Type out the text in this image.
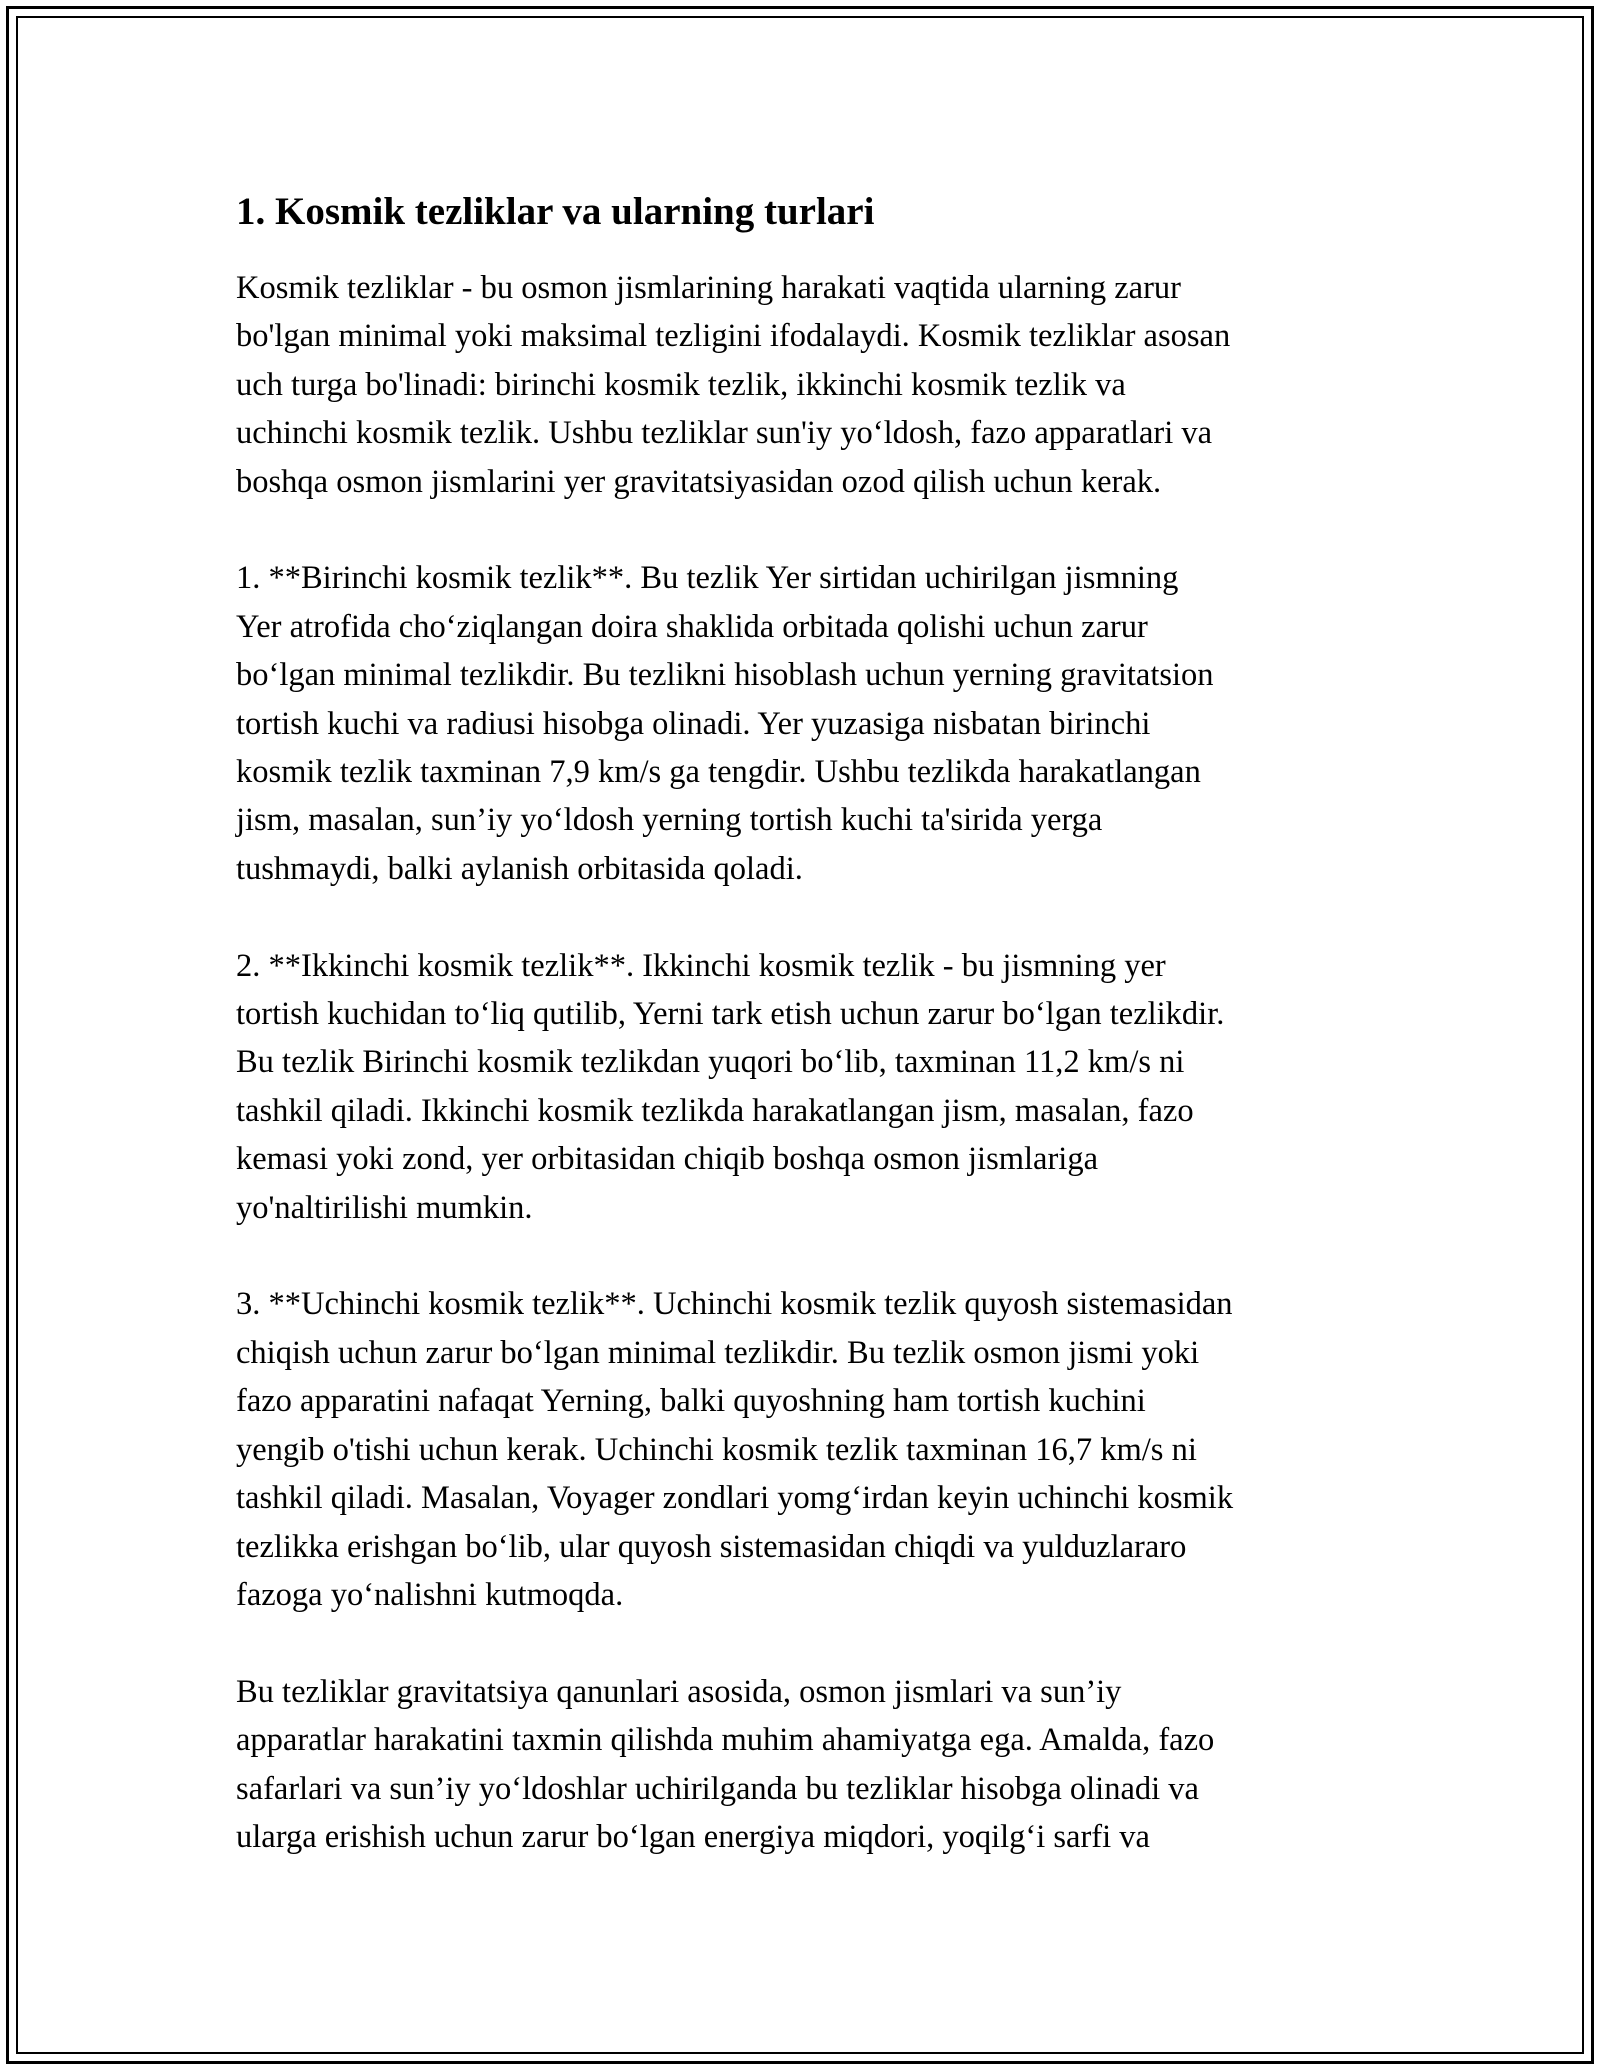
1. Kosmik tezliklar va ularning turlari

Kosmik tezliklar - bu osmon jismlarining harakati vaqtida ularning zarur
bo'lgan minimal yoki maksimal tezligini ifodalaydi. Kosmik tezliklar asosan
uch turga bo'linadi: birinchi kosmik tezlik, ikkinchi kosmik tezlik va
uchinchi kosmik tezlik. Ushbu tezliklar sun'iy yo‘ldosh, fazo apparatlari va
boshqa osmon jismlarini yer gravitatsiyasidan ozod qilish uchun kerak.

1. **Birinchi kosmik tezlik**. Bu tezlik Yer sirtidan uchirilgan jismning
Yer atrofida cho‘ziqlangan doira shaklida orbitada qolishi uchun zarur
bo‘lgan minimal tezlikdir. Bu tezlikni hisoblash uchun yerning gravitatsion
tortish kuchi va radiusi hisobga olinadi. Yer yuzasiga nisbatan birinchi
kosmik tezlik taxminan 7,9 km/s ga tengdir. Ushbu tezlikda harakatlangan
jism, masalan, sun’iy yo‘ldosh yerning tortish kuchi ta'sirida yerga
tushmaydi, balki aylanish orbitasida qoladi.

2. **Ikkinchi kosmik tezlik**. Ikkinchi kosmik tezlik - bu jismning yer
tortish kuchidan to‘liq qutilib, Yerni tark etish uchun zarur bo‘lgan tezlikdir.
Bu tezlik Birinchi kosmik tezlikdan yuqori bo‘lib, taxminan 11,2 km/s ni
tashkil qiladi. Ikkinchi kosmik tezlikda harakatlangan jism, masalan, fazo
kemasi yoki zond, yer orbitasidan chiqib boshqa osmon jismlariga
yo'naltirilishi mumkin.

3. **Uchinchi kosmik tezlik**. Uchinchi kosmik tezlik quyosh sistemasidan
chiqish uchun zarur bo‘lgan minimal tezlikdir. Bu tezlik osmon jismi yoki
fazo apparatini nafaqat Yerning, balki quyoshning ham tortish kuchini
yengib o'tishi uchun kerak. Uchinchi kosmik tezlik taxminan 16,7 km/s ni
tashkil qiladi. Masalan, Voyager zondlari yomg‘irdan keyin uchinchi kosmik
tezlikka erishgan bo‘lib, ular quyosh sistemasidan chiqdi va yulduzlararo
fazoga yo‘nalishni kutmoqda.

Bu tezliklar gravitatsiya qanunlari asosida, osmon jismlari va sun’iy
apparatlar harakatini taxmin qilishda muhim ahamiyatga ega. Amalda, fazo
safarlari va sun’iy yo‘ldoshlar uchirilganda bu tezliklar hisobga olinadi va
ularga erishish uchun zarur bo‘lgan energiya miqdori, yoqilg‘i sarfi va
